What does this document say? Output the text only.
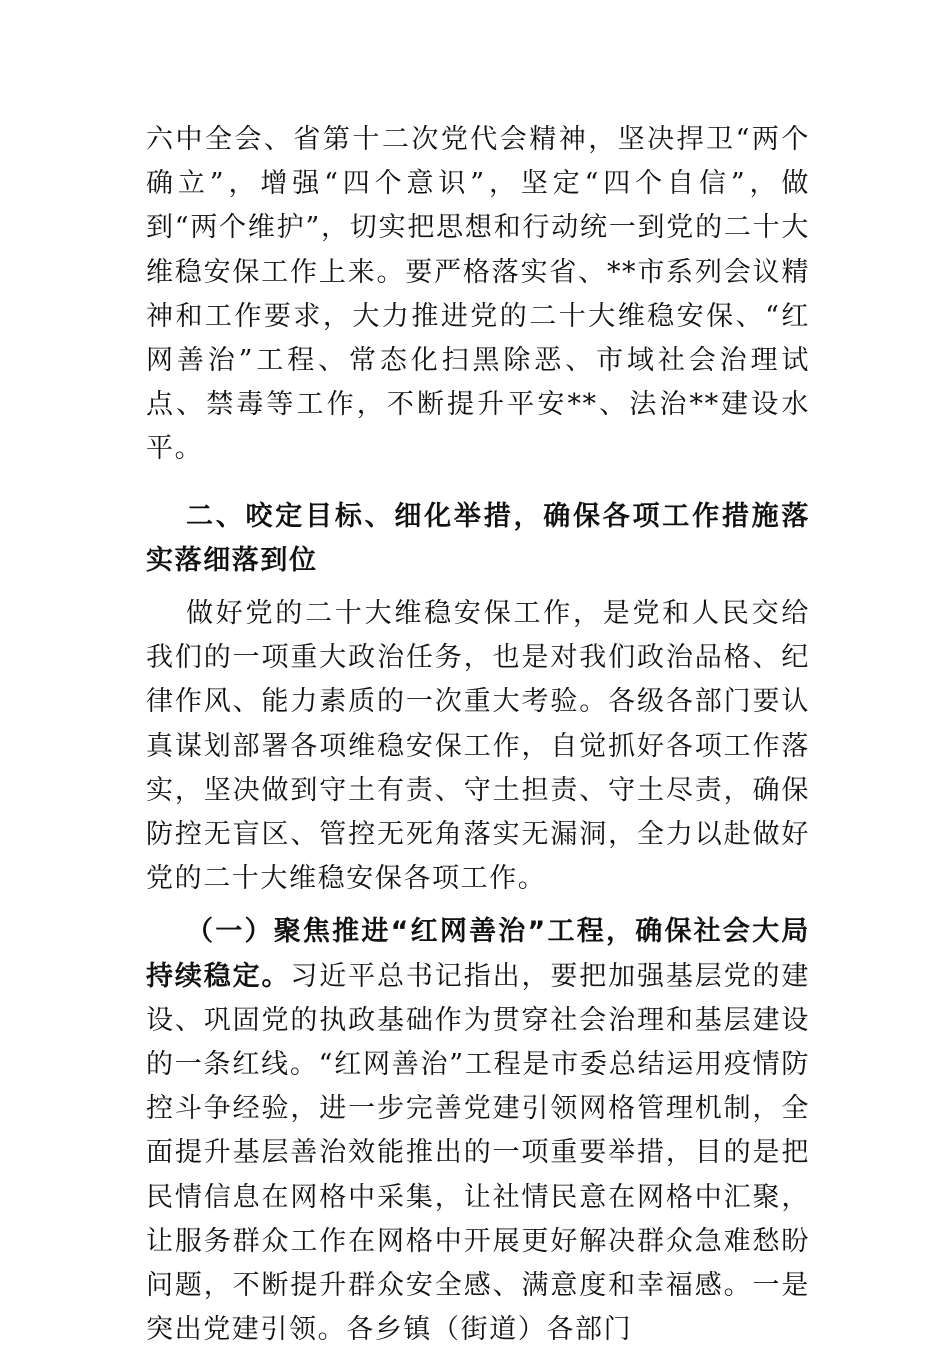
六中全会、省第十二次党代会精神，坚决捍卫“两个确立”，增强“四个意识”，坚定“四个自信”，做到“两个维护”，切实把思想和行动统一到党的二十大维稳安保工作上来。要严格落实省、**市系列会议精神和工作要求，大力推进党的二十大维稳安保、“红网善治”工程、常态化扫黑除恶、市域社会治理试点、禁毒等工作，不断提升平安**、法治**建设水平。

二、咬定目标、细化举措，确保各项工作措施落实落细落到位

做好党的二十大维稳安保工作，是党和人民交给我们的一项重大政治任务，也是对我们政治品格、纪律作风、能力素质的一次重大考验。各级各部门要认真谋划部署各项维稳安保工作，自觉抓好各项工作落实，坚决做到守土有责、守土担责、守土尽责，确保防控无盲区、管控无死角落实无漏洞，全力以赴做好党的二十大维稳安保各项工作。

（一）聚焦推进“红网善治”工程，确保社会大局持续稳定。习近平总书记指出，要把加强基层党的建设、巩固党的执政基础作为贯穿社会治理和基层建设的一条红线。“红网善治”工程是市委总结运用疫情防控斗争经验，进一步完善党建引领网格管理机制，全面提升基层善治效能推出的一项重要举措，目的是把民情信息在网格中采集，让社情民意在网格中汇聚，让服务群众工作在网格中开展更好解决群众急难愁盼问题，不断提升群众安全感、满意度和幸福感。一是突出党建引领。各乡镇（街道）各部门
